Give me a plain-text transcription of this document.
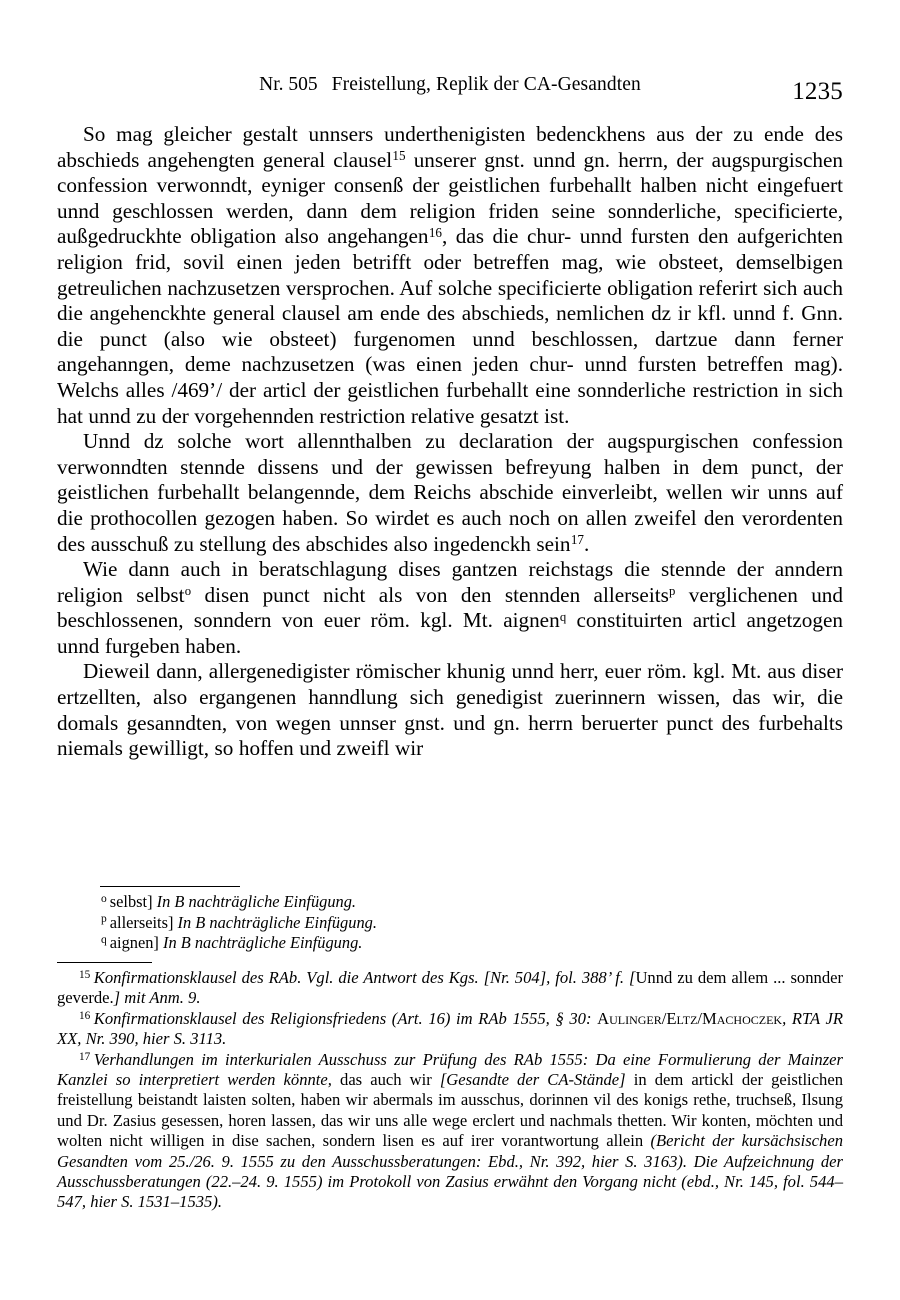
Nr. 505 Freistellung, Replik der CA-Gesandten	1235

So mag gleicher gestalt unnsers underthenigisten bedenckhens aus der zu ende des abschieds angehengten general clausel$^{15}$ unserer gnst. unnd gn. herrn, der augspurgischen confession verwonndt, eyniger consenß der geistlichen furbehallt halben nicht eingefuert unnd geschlossen werden, dann dem religion friden seine sonnderliche, specificierte, außgedruckhte obligation also angehangen$^{16}$, das die chur- unnd fursten den aufgerichten religion frid, sovil einen jeden betrifft oder betreffen mag, wie obsteet, demselbigen getreulichen nachzusetzen versprochen. Auf solche specificierte obligation referirt sich auch die angehenckhte general clausel am ende des abschieds, nemlichen dz ir kfl. unnd f. Gnn. die punct (also wie obsteet) furgenomen unnd beschlossen, dartzue dann ferner angehanngen, deme nachzusetzen (was einen jeden chur- unnd fursten betreffen mag). Welchs alles /469’/ der articl der geistlichen furbehallt eine sonnderliche restriction in sich hat unnd zu der vorgehennden restriction relative gesatzt ist.

Unnd dz solche wort allennthalben zu declaration der augspurgischen confession verwonndten stennde dissens und der gewissen befreyung halben in dem punct, der geistlichen furbehallt belangennde, dem Reichs abschide einverleibt, wellen wir unns auf die prothocollen gezogen haben. So wirdet es auch noch on allen zweifel den verordenten des ausschuß zu stellung des abschides also ingedenckh sein$^{17}$.

Wie dann auch in beratschlagung dises gantzen reichstags die stennde der anndern religion selbst$^o$ disen punct nicht als von den stennden allerseits$^p$ verglichenen und beschlossenen, sonndern von euer röm. kgl. Mt. aignen$^q$ constituirten articl angetzogen unnd furgeben haben.

Dieweil dann, allergenedigister römischer khunig unnd herr, euer röm. kgl. Mt. aus diser ertzellten, also ergangenen hanndlung sich genedigist zuerinnern wissen, das wir, die domals gesanndten, von wegen unnser gnst. und gn. herrn beruerter punct des furbehalts niemals gewilligt, so hoffen und zweifl wir

$^o$ selbst] In B nachträgliche Einfügung.

$^p$ allerseits] In B nachträgliche Einfügung.

$^q$ aignen] In B nachträgliche Einfügung.

$^{15}$ Konfirmationsklausel des RAb. Vgl. die Antwort des Kgs. [Nr. 504], fol. 388’ f. [Unnd zu dem allem ... sonnder geverde.] mit Anm. 9.

$^{16}$ Konfirmationsklausel des Religionsfriedens (Art. 16) im RAb 1555, § 30: Aulinger/Eltz/Machoczek, RTA JR XX, Nr. 390, hier S. 3113.

$^{17}$ Verhandlungen im interkurialen Ausschuss zur Prüfung des RAb 1555: Da eine Formulierung der Mainzer Kanzlei so interpretiert werden könnte, das auch wir [Gesandte der CA-Stände] in dem artickl der geistlichen freistellung beistandt laisten solten, haben wir abermals im ausschus, dorinnen vil des konigs rethe, truchseß, Ilsung und Dr. Zasius gesessen, horen lassen, das wir uns alle wege erclert und nachmals thetten. Wir konten, möchten und wolten nicht willigen in dise sachen, sondern lisen es auf irer vorantwortung allein (Bericht der kursächsischen Gesandten vom 25./26. 9. 1555 zu den Ausschussberatungen: Ebd., Nr. 392, hier S. 3163). Die Aufzeichnung der Ausschussberatungen (22.–24. 9. 1555) im Protokoll von Zasius erwähnt den Vorgang nicht (ebd., Nr. 145, fol. 544–547, hier S. 1531–1535).
